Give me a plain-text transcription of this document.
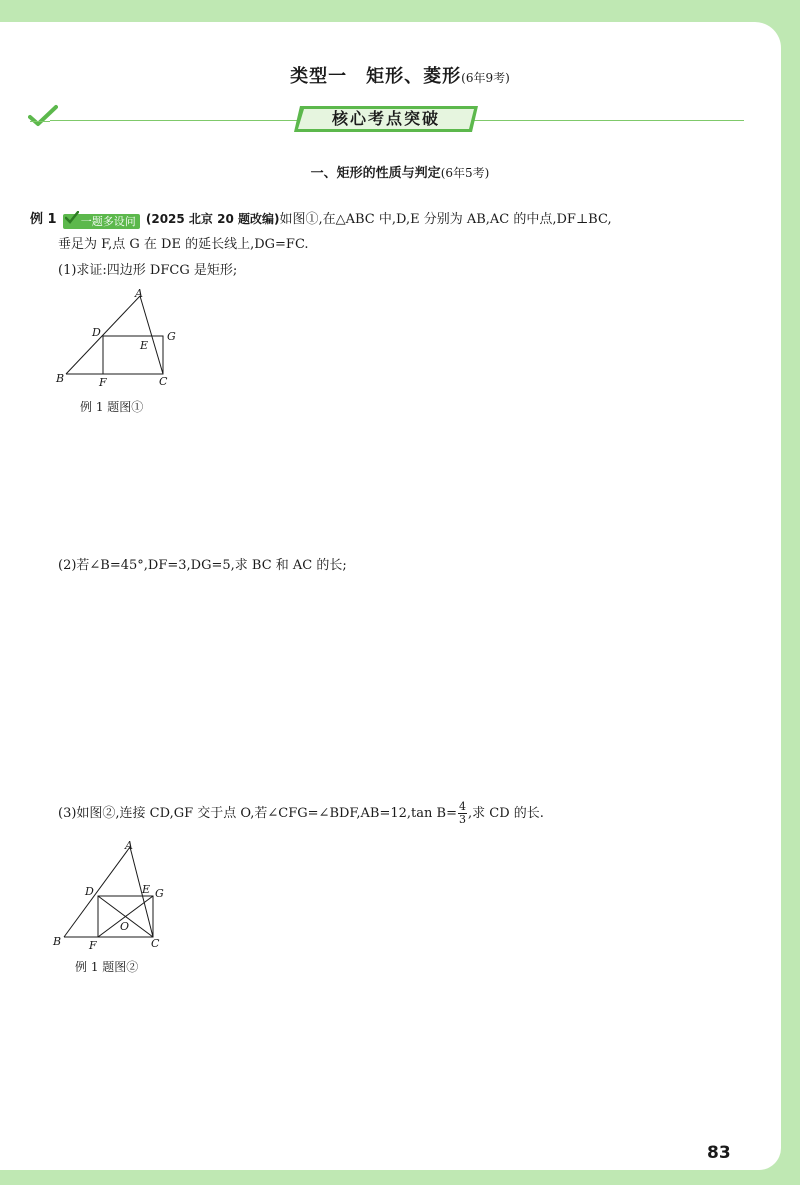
类型一　矩形、菱形(6年9考)
核心考点突破
一、矩形的性质与判定(6年5考)
例 1 一题多设问 (2025 北京 20 题改编)如图①,在△ABC 中,D,E 分别为 AB,AC 的中点,DF⊥BC,
垂足为 F,点 G 在 DE 的延长线上,DG=FC.
(1)求证:四边形 DFCG 是矩形;
A
B	C
D
E
F
G
例 1 题图①
(2)若∠B=45°,DF=3,DG=5,求 BC 和 AC 的长;
(3)如图②,连接 CD,GF 交于点 O,若∠CFG=∠BDF,AB=12,tan $B= \frac{4}{3}$ ,求 CD 的长.
A
B	C
D	E
F
G
O
例 1 题图②
83
